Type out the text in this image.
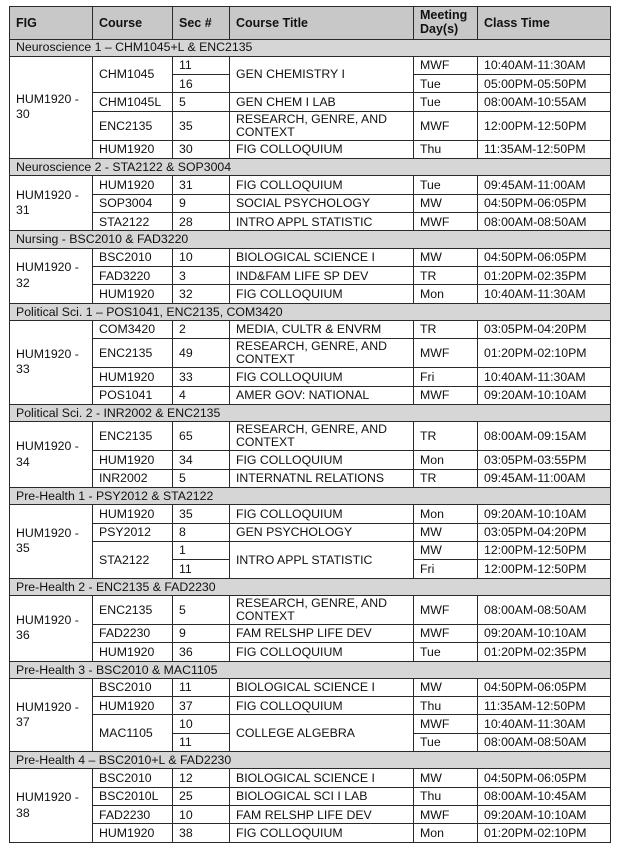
FIG	Course	Sec #	Course Title	Meeting Day(s)	Class Time
Neuroscience 1 – CHM1045+L & ENC2135					
HUM1920 - 30	CHM1045	11	GEN CHEMISTRY I	MWF	10:40AM-11:30AM
		16		Tue	05:00PM-05:50PM
	CHM1045L	5	GEN CHEM I LAB	Tue	08:00AM-10:55AM
	ENC2135	35	RESEARCH, GENRE, AND CONTEXT	MWF	12:00PM-12:50PM
	HUM1920	30	FIG COLLOQUIUM	Thu	11:35AM-12:50PM
Neuroscience 2 - STA2122 & SOP3004					
HUM1920 - 31	HUM1920	31	FIG COLLOQUIUM	Tue	09:45AM-11:00AM
	SOP3004	9	SOCIAL PSYCHOLOGY	MW	04:50PM-06:05PM
	STA2122	28	INTRO APPL STATISTIC	MWF	08:00AM-08:50AM
Nursing - BSC2010 & FAD3220					
HUM1920 - 32	BSC2010	10	BIOLOGICAL SCIENCE I	MW	04:50PM-06:05PM
	FAD3220	3	IND&FAM LIFE SP DEV	TR	01:20PM-02:35PM
	HUM1920	32	FIG COLLOQUIUM	Mon	10:40AM-11:30AM
Political Sci. 1 – POS1041, ENC2135, COM3420					
HUM1920 - 33	COM3420	2	MEDIA, CULTR & ENVRM	TR	03:05PM-04:20PM
	ENC2135	49	RESEARCH, GENRE, AND CONTEXT	MWF	01:20PM-02:10PM
	HUM1920	33	FIG COLLOQUIUM	Fri	10:40AM-11:30AM
	POS1041	4	AMER GOV: NATIONAL	MWF	09:20AM-10:10AM
Political Sci. 2 - INR2002 & ENC2135					
HUM1920 - 34	ENC2135	65	RESEARCH, GENRE, AND CONTEXT	TR	08:00AM-09:15AM
	HUM1920	34	FIG COLLOQUIUM	Mon	03:05PM-03:55PM
	INR2002	5	INTERNATNL RELATIONS	TR	09:45AM-11:00AM
Pre-Health 1 - PSY2012 & STA2122					
HUM1920 - 35	HUM1920	35	FIG COLLOQUIUM	Mon	09:20AM-10:10AM
	PSY2012	8	GEN PSYCHOLOGY	MW	03:05PM-04:20PM
	STA2122	1	INTRO APPL STATISTIC	MW	12:00PM-12:50PM
		11		Fri	12:00PM-12:50PM
Pre-Health 2 - ENC2135 & FAD2230					
HUM1920 - 36	ENC2135	5	RESEARCH, GENRE, AND CONTEXT	MWF	08:00AM-08:50AM
	FAD2230	9	FAM RELSHP LIFE DEV	MWF	09:20AM-10:10AM
	HUM1920	36	FIG COLLOQUIUM	Tue	01:20PM-02:35PM
Pre-Health 3 - BSC2010 & MAC1105					
HUM1920 - 37	BSC2010	11	BIOLOGICAL SCIENCE I	MW	04:50PM-06:05PM
	HUM1920	37	FIG COLLOQUIUM	Thu	11:35AM-12:50PM
	MAC1105	10	COLLEGE ALGEBRA	MWF	10:40AM-11:30AM
		11		Tue	08:00AM-08:50AM
Pre-Health 4 – BSC2010+L & FAD2230					
HUM1920 - 38	BSC2010	12	BIOLOGICAL SCIENCE I	MW	04:50PM-06:05PM
	BSC2010L	25	BIOLOGICAL SCI I LAB	Thu	08:00AM-10:45AM
	FAD2230	10	FAM RELSHP LIFE DEV	MWF	09:20AM-10:10AM
	HUM1920	38	FIG COLLOQUIUM	Mon	01:20PM-02:10PM
